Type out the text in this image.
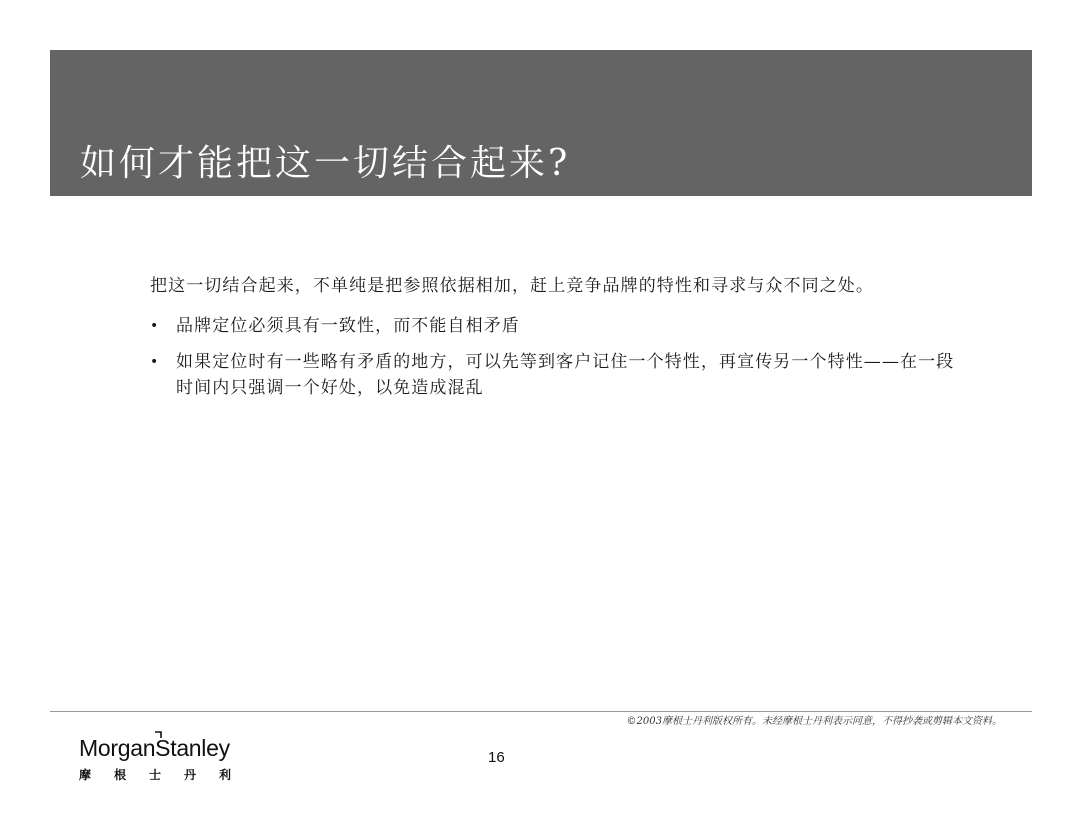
如何才能把这一切结合起来?

把这一切结合起来，不单纯是把参照依据相加，赶上竞争品牌的特性和寻求与众不同之处。

• 品牌定位必须具有一致性，而不能自相矛盾
• 如果定位时有一些略有矛盾的地方，可以先等到客户记住一个特性，再宣传另一个特性——在一段时间内只强调一个好处，以免造成混乱
©2003摩根士丹利版权所有。未经摩根士丹利表示同意，不得抄袭或剪辑本文资料。
MorganStanley
摩根士丹利
16
